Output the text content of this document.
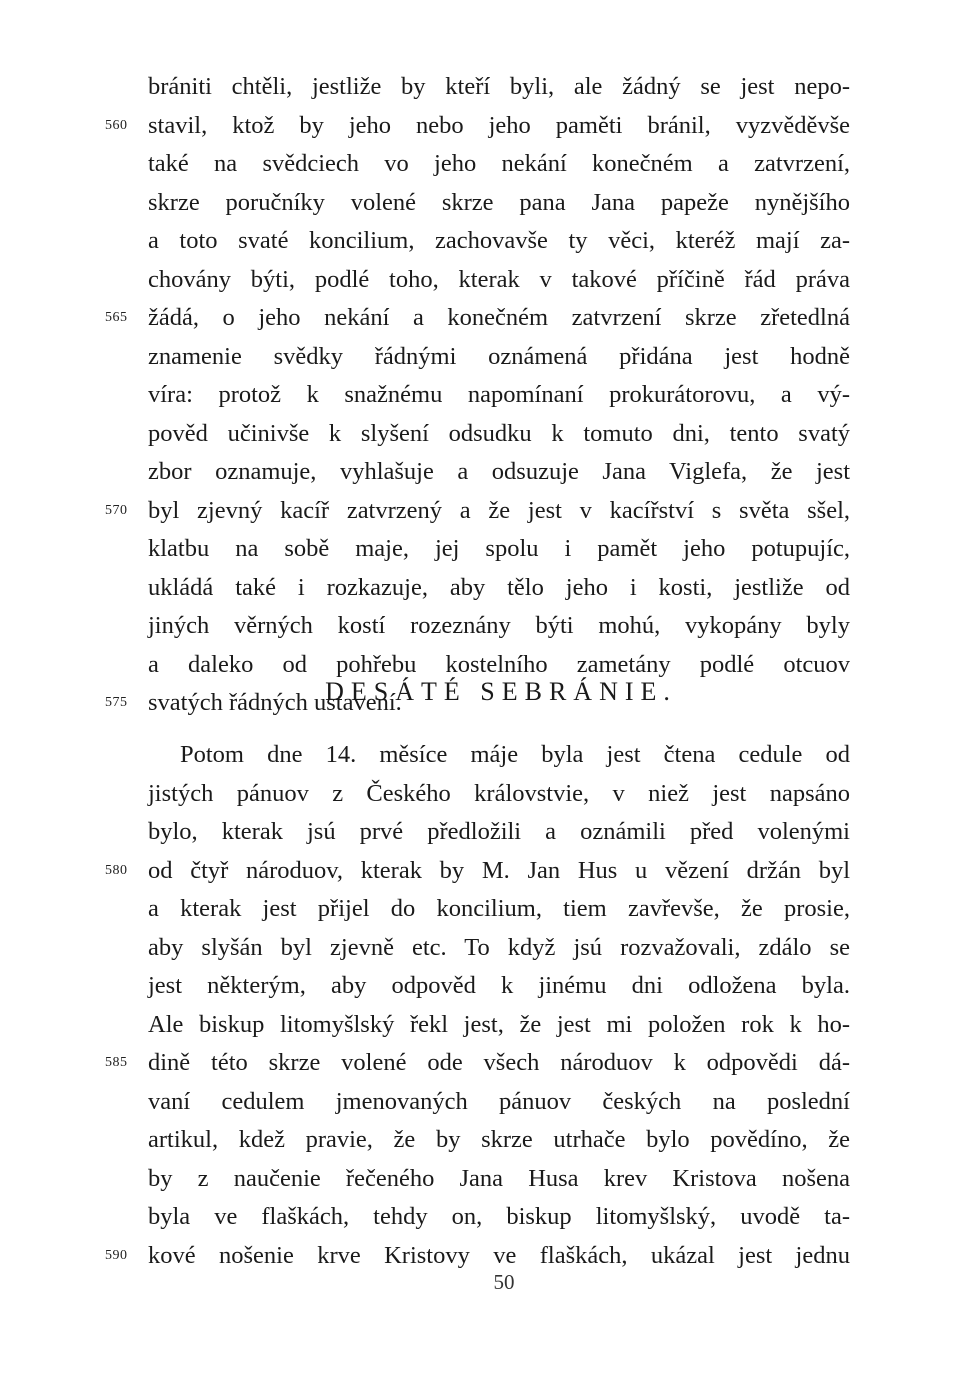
brániti chtěli, jestliže by kteří byli, ale žádný se jest nepo-
560 stavil, ktož by jeho nebo jeho paměti bránil, vyzvěděvše
také na svědciech vo jeho nekání konečném a zatvrzení,
skrze poručníky volené skrze pana Jana papeže nynějšího
a toto svaté koncilium, zachovavše ty věci, kteréž mají za-
chovány býti, podlé toho, kterak v takové příčině řád práva
565 žádá, o jeho nekání a konečném zatvrzení skrze zřetedlná
znamenie svědky řádnými oznámená přidána jest hodně
víra: protož k snažnému napomínaní prokurátorovu, a vý-
pověd učinivše k slyšení odsudku k tomuto dni, tento svatý
zbor oznamuje, vyhlašuje a odsuzuje Jana Viglefa, že jest
570 byl zjevný kacíř zatvrzený a že jest v kacířství s světa sšel,
klatbu na sobě maje, jej spolu i pamět jeho potupujíc,
ukládá také i rozkazuje, aby tělo jeho i kosti, jestliže od
jiných věrných kostí rozeznány býti mohú, vykopány byly
a daleko od pohřebu kostelního zametány podlé otcuov
575 svatých řádných ustavení.
DESÁTÉ SEBRÁNIE.
Potom dne 14. měsíce máje byla jest čtena cedule od
jistých pánuov z Českého královstvie, v niež jest napsáno
bylo, kterak jsú prvé předložili a oznámili před volenými
580 od čtyř národuov, kterak by M. Jan Hus u vězení držán byl
a kterak jest přijel do koncilium, tiem zavřevše, že prosie,
aby slyšán byl zjevně etc. To když jsú rozvažovali, zdálo se
jest některým, aby odpověd k jinému dni odložena byla.
Ale biskup litomyšlský řekl jest, že jest mi položen rok k ho-
585 dině této skrze volené ode všech národuov k odpovědi dá-
vaní cedulem jmenovaných pánuov českých na poslední
artikul, kdež pravie, že by skrze utrhače bylo povědíno, že
by z naučenie řečeného Jana Husa krev Kristova nošena
byla ve flaškách, tehdy on, biskup litomyšlský, uvodě ta-
590 kové nošenie krve Kristovy ve flaškách, ukázal jest jednu
50
